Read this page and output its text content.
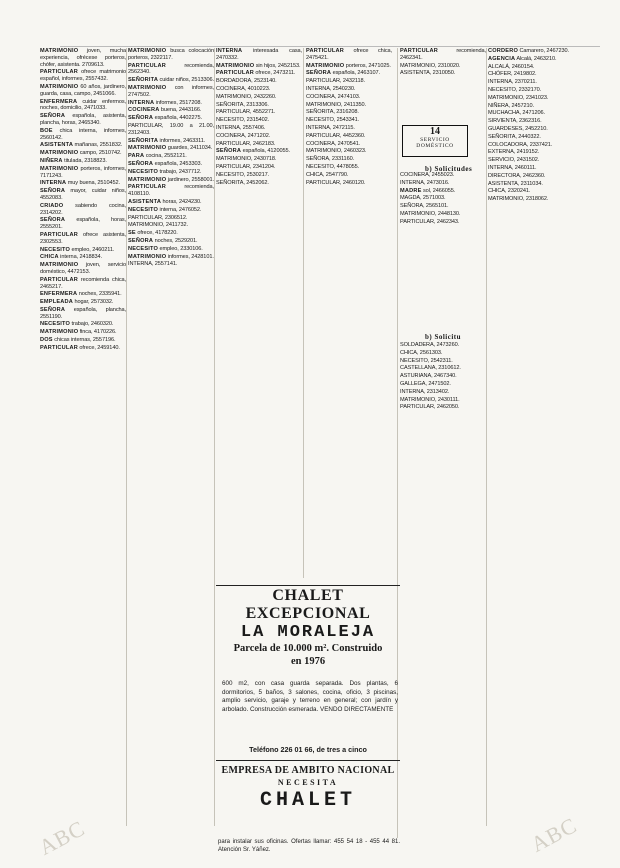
MATRIMONIO joven, mucha experiencia, ofrécese porteros, chófer, asistenta. 2709613.
PARTICULAR ofrece matrimonio español, informes, 2557432.
MATRIMONIO 60 años, jardinero, guarda, casa, campo, 2451066.
ENFERMERA cuidar enfermos, noches, domicilio, 2471033.
SEÑORA española, asistenta, plancha, horas, 2465340.
BOE chica interna, informes, 2560142.
ASISTENTA mañanas, 2551832.
MATRIMONIO campo, 2510742.
NIÑERA titulada, 2318823.
MATRIMONIO porteros, informes, 7171243.
INTERNA muy buena, 2510452.
SEÑORA mayor, cuidar niños, 4552083.
CRIADO sabiendo cocina, 2314202.
SEÑORA española, horas, 2555201.
PARTICULAR ofrece asistenta, 2302553.
NECESITO empleo, 2460211.
CHICA interna, 2418834.
MATRIMONIO joven, servicio doméstico, 4472153.
PARTICULAR recomienda chica, 2465217.
ENFERMERA noches, 2335941.
EMPLEADA hogar, 2573032.
SEÑORA española, plancha, 2551190.
NECESITO trabajo, 2460320.
MATRIMONIO finca, 4170226.
DOS chicas internas, 2557196.
PARTICULAR ofrece, 2459140.
MATRIMONIO busca colocación porteros, 2322117.
PARTICULAR recomienda, 2562340.
SEÑORITA cuidar niños, 2513306.
MATRIMONIO con informes, 2747502.
INTERNA informes, 2517208.
COCINERA buena, 2443166.
SEÑORA española, 4402275.
PARTICULAR, 19.00 a 21.00, 2312403.
SEÑORITA informes, 2463311.
MATRIMONIO guardes, 2411034.
PARA cocina, 2552121.
SEÑORA española, 2453303.
NECESITO trabajo, 2437712.
MATRIMONIO jardinero, 2558001.
PARTICULAR recomienda, 4108110.
ASISTENTA horas, 2424230.
NECESITO interna, 2476052.
PARTICULAR, 2306512.
MATRIMONIO, 2411732.
SE ofrece, 4178220.
SEÑORA noches, 2529201.
NECESITO empleo, 2330106.
MATRIMONIO informes, 2428101.
INTERNA, 2557141.
INTERNA interesada casa, 2470332.
MATRIMONIO sin hijos, 2452153.
PARTICULAR ofrece, 2473211.
BORDADORA, 2523140.
COCINERA, 4010223.
MATRIMONIO, 2432260.
SEÑORITA, 2313306.
PARTICULAR, 4552271.
NECESITO, 2315402.
INTERNA, 2557406.
COCINERA, 2471202.
PARTICULAR, 2462183.
SEÑORA española, 4120055.
MATRIMONIO, 2430718.
PARTICULAR, 2341204.
NECESITO, 2530217.
SEÑORITA, 2452062.
PARTICULAR ofrece chica, 2475421.
MATRIMONIO porteros, 2471025.
SEÑORA española, 2463107.
PARTICULAR, 2432118.
INTERNA, 2540230.
COCINERA, 2474103.
MATRIMONIO, 2411350.
SEÑORITA, 2316208.
NECESITO, 2543341.
INTERNA, 2472115.
PARTICULAR, 4452360.
COCINERA, 2470541.
MATRIMONIO, 2460323.
SEÑORA, 2331160.
NECESITO, 4478055.
CHICA, 2547790.
PARTICULAR, 2460120.
PARTICULAR recomienda, 2462341.
MATRIMONIO, 2310020.
ASISTENTA, 2310050.
COCINERA, 2455023.
INTERNA, 2473016.
MADRE sol, 2466055.
MAGDA, 2571003.
SEÑORA, 2565101.
MATRIMONIO, 2448130.
PARTICULAR, 2462343.
SOLDADERA, 2473260.
CHICA, 2561303.
NECESITO, 2542311.
CASTELLANA, 2310612.
ASTURIANA, 2467340.
GALLEGA, 2471502.
INTERNA, 2313402.
MATRIMONIO, 2430111.
PARTICULAR, 2462050.
CORDERO Camarero, 2467230.
AGENCIA Alcalá, 2463210.
ALCALÁ, 2460154.
CHÓFER, 2419802.
INTERNA, 2370211.
NECESITO, 2332170.
MATRIMONIO, 2341023.
NIÑERA, 2457210.
MUCHACHA, 2471206.
SIRVIENTA, 2362316.
GUARDESES, 2452210.
SEÑORITA, 2440322.
COLOCADORA, 2337421.
EXTERNA, 2419152.
SERVICIO, 2431502.
INTERNA, 2460111.
DIRECTORA, 2462360.
ASISTENTA, 2311034.
CHICA, 2320241.
MATRIMONIO, 2318062.
14
SERVICIO
DOMÉSTICO
b) Solicitudes
b) Solicitu
CHALET EXCEPCIONAL
LA MORALEJA
Parcela de 10.000 m². Construido
en 1976
600 m2, con casa guarda separada. Dos plantas, 6 dormitorios, 5 baños, 3 salones, cocina, oficio, 3 piscinas, amplio servicio, garaje y terreno en general; con jardín y arbolado. Construcción esmerada. VENDO DIRECTAMENTE
Teléfono 226 01 66, de tres a cinco
EMPRESA DE AMBITO NACIONAL
NECESITA
CHALET
para instalar sus oficinas. Ofertas llamar: 455 54 18 - 455 44 81. Atención Sr. Yáñez.
ABC	ABC
